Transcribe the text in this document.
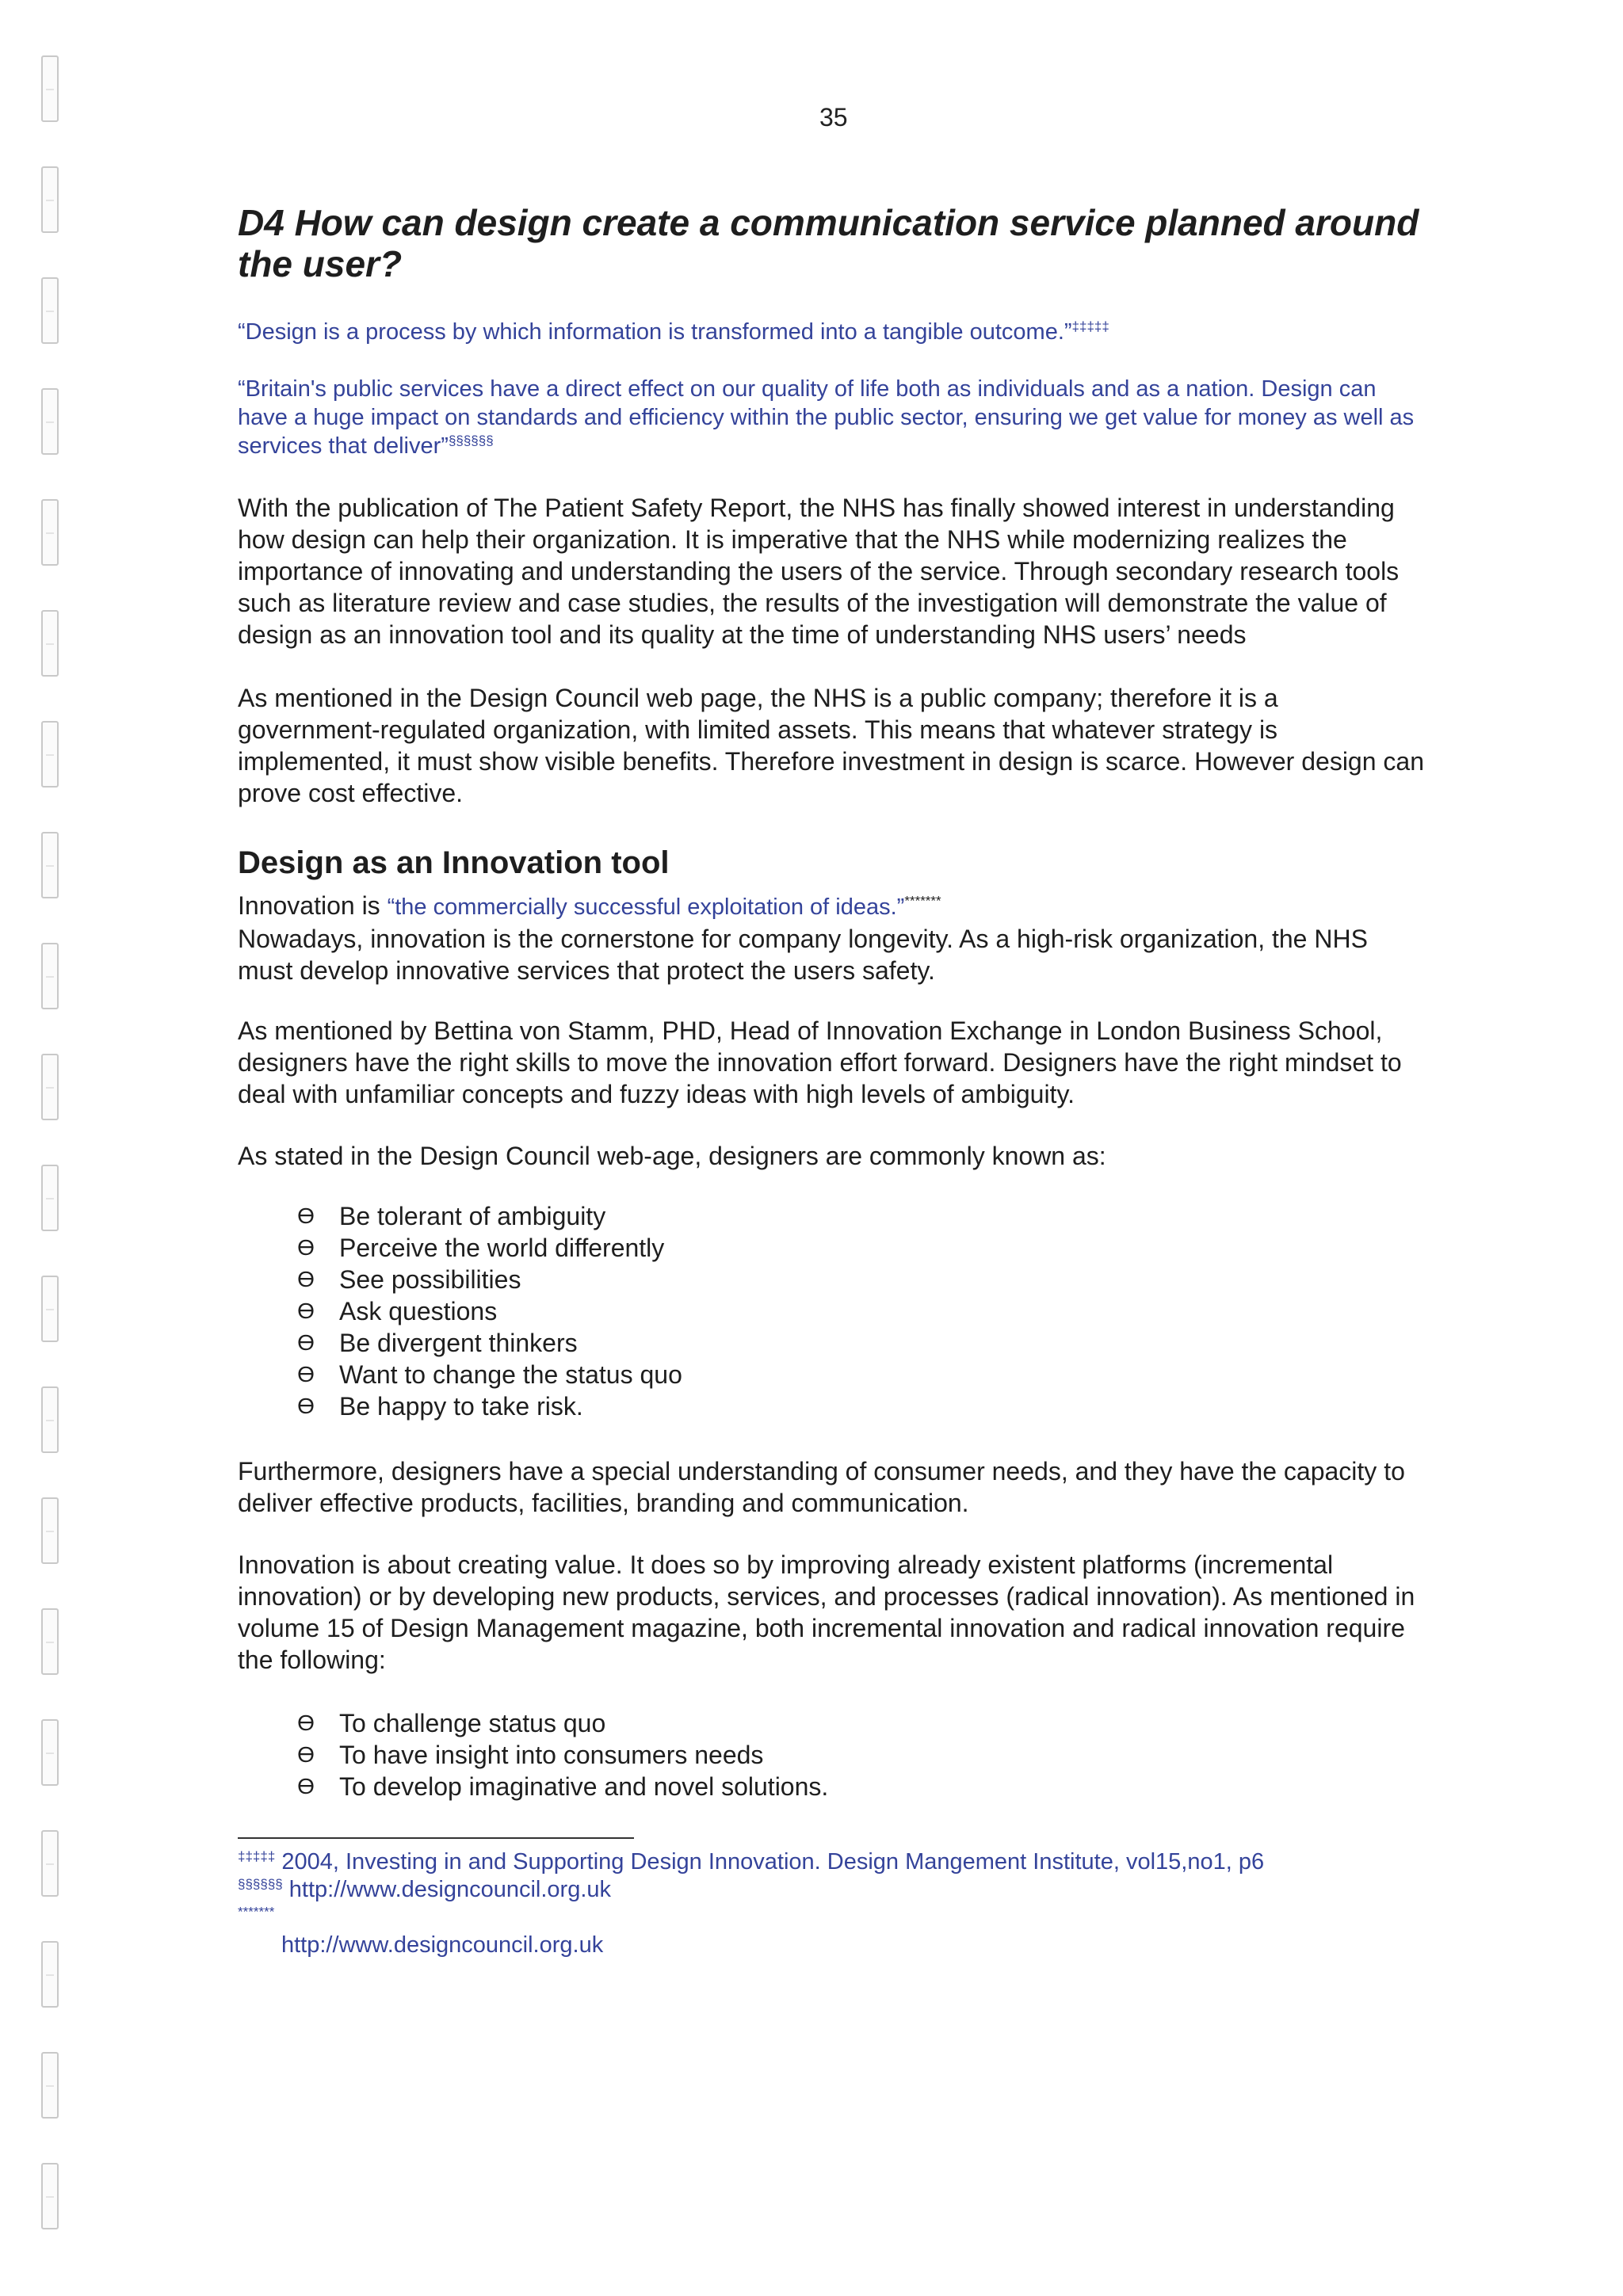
35
D4 How can design create a communication service planned around the user?

“Design is a process by which information is transformed into a tangible outcome.”‡‡‡‡‡

“Britain's public services have a direct effect on our quality of life both as individuals and as a nation. Design can have a huge impact on standards and efficiency within the public sector, ensuring we get value for money as well as services that deliver”§§§§§§

With the publication of The Patient Safety Report, the NHS has finally showed interest in understanding how design can help their organization. It is imperative that the NHS while modernizing realizes the importance of innovating and understanding the users of the service. Through secondary research tools such as literature review and case studies, the results of the investigation will demonstrate the value of design as an innovation tool and its quality at the time of understanding NHS users’ needs

As mentioned in the Design Council web page, the NHS is a public company; therefore it is a government-regulated organization, with limited assets. This means that whatever strategy is implemented, it must show visible benefits. Therefore investment in design is scarce. However design can prove cost effective.

Design as an Innovation tool

Innovation is “the commercially successful exploitation of ideas.”*******

Nowadays, innovation is the cornerstone for company longevity. As a high-risk organization, the NHS must develop innovative services that protect the users safety.

As mentioned by Bettina von Stamm, PHD, Head of Innovation Exchange in London Business School, designers have the right skills to move the innovation effort forward. Designers have the right mindset to deal with unfamiliar concepts and fuzzy ideas with high levels of ambiguity.

As stated in the Design Council web-age, designers are commonly known as:

ϴ Be tolerant of ambiguity
ϴ Perceive the world differently
ϴ See possibilities
ϴ Ask questions
ϴ Be divergent thinkers
ϴ Want to change the status quo
ϴ Be happy to take risk.

Furthermore, designers have a special understanding of consumer needs, and they have the capacity to deliver effective products, facilities, branding and communication.

Innovation is about creating value. It does so by improving already existent platforms (incremental innovation) or by developing new products, services, and processes (radical innovation). As mentioned in volume 15 of Design Management magazine, both incremental innovation and radical innovation require the following:

ϴ To challenge status quo
ϴ To have insight into consumers needs
ϴ To develop imaginative and novel solutions.

‡‡‡‡‡ 2004, Investing in and Supporting Design Innovation. Design Mangement Institute, vol15,no1, p6

§§§§§§ http://www.designcouncil.org.uk

*******
http://www.designcouncil.org.uk
